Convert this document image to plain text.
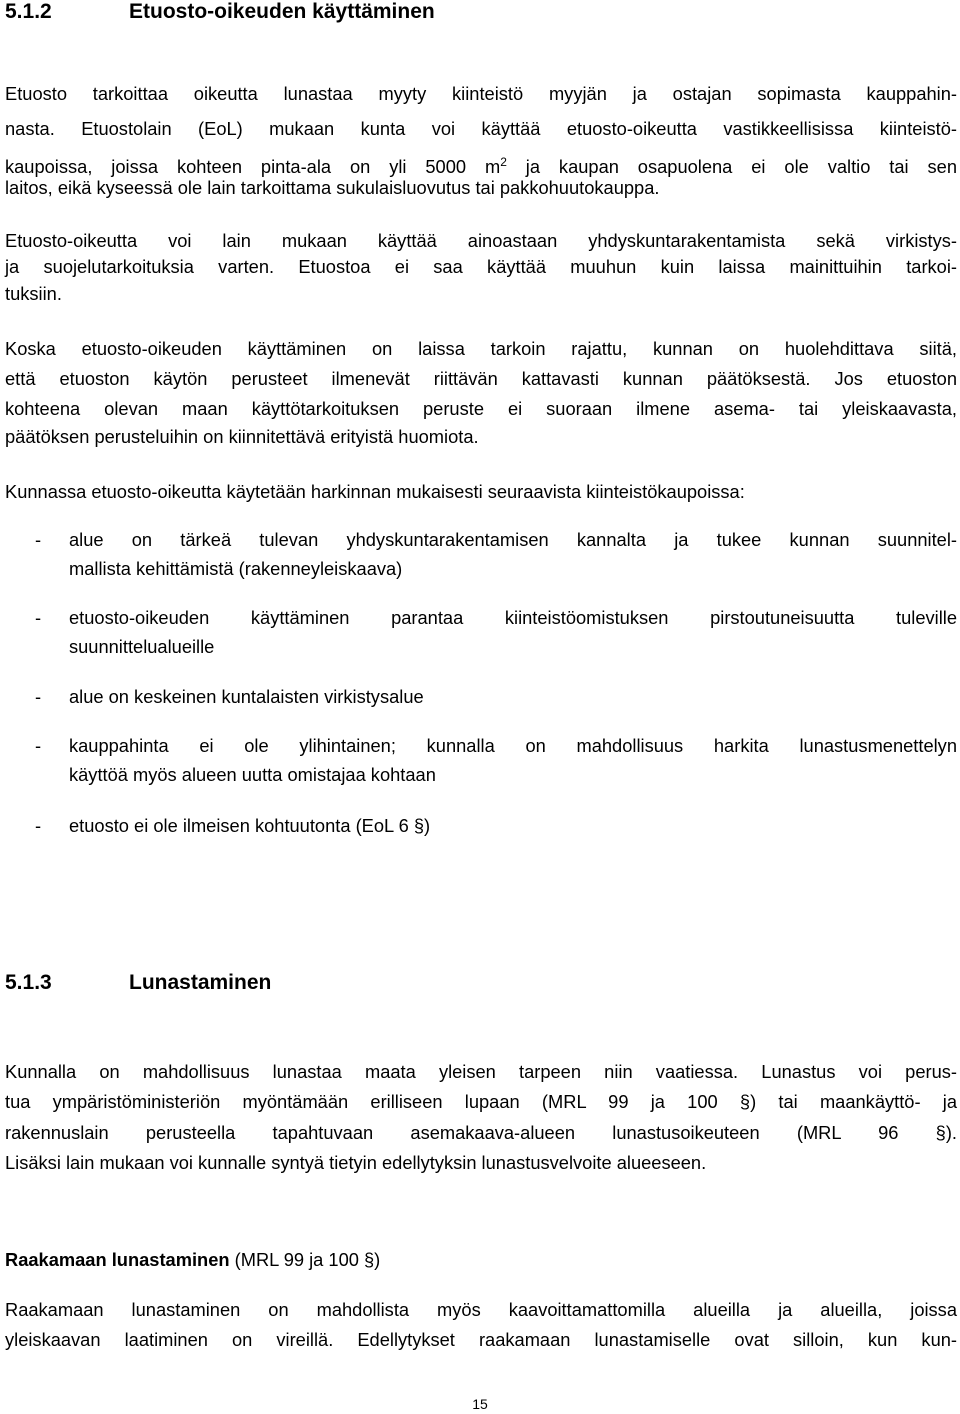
5.1.2	Etuosto-oikeuden käyttäminen
Etuosto tarkoittaa oikeutta lunastaa myyty kiinteistö myyjän ja ostajan sopimasta kauppahin-
nasta. Etuostolain (EoL) mukaan kunta voi käyttää etuosto-oikeutta vastikkeellisissa kiinteistö-
kaupoissa, joissa kohteen pinta-ala on yli 5000 $m^2$ ja kaupan osapuolena ei ole valtio tai sen
laitos, eikä kyseessä ole lain tarkoittama sukulaisluovutus tai pakkohuutokauppa.
Etuosto-oikeutta voi lain mukaan käyttää ainoastaan yhdyskuntarakentamista sekä virkistys-
ja suojelutarkoituksia varten. Etuostoa ei saa käyttää muuhun kuin laissa mainittuihin tarkoi-
tuksiin.
Koska etuosto-oikeuden käyttäminen on laissa tarkoin rajattu, kunnan on huolehdittava siitä,
että etuoston käytön perusteet ilmenevät riittävän kattavasti kunnan päätöksestä. Jos etuoston
kohteena olevan maan käyttötarkoituksen peruste ei suoraan ilmene asema- tai yleiskaavasta,
päätöksen perusteluihin on kiinnitettävä erityistä huomiota.
Kunnassa etuosto-oikeutta käytetään harkinnan mukaisesti seuraavista kiinteistökaupoissa:
- alue on tärkeä tulevan yhdyskuntarakentamisen kannalta ja tukee kunnan suunnitel-
mallista kehittämistä (rakenneyleiskaava)
- etuosto-oikeuden käyttäminen parantaa kiinteistöomistuksen pirstoutuneisuutta tuleville
suunnittelualueille
- alue on keskeinen kuntalaisten virkistysalue
- kauppahinta ei ole ylihintainen; kunnalla on mahdollisuus harkita lunastusmenettelyn
käyttöä myös alueen uutta omistajaa kohtaan
- etuosto ei ole ilmeisen kohtuutonta (EoL 6 §)
5.1.3	Lunastaminen
Kunnalla on mahdollisuus lunastaa maata yleisen tarpeen niin vaatiessa. Lunastus voi perus-
tua ympäristöministeriön myöntämään erilliseen lupaan (MRL 99 ja 100 §) tai maankäyttö- ja
rakennuslain perusteella tapahtuvaan asemakaava-alueen lunastusoikeuteen (MRL 96 §).
Lisäksi lain mukaan voi kunnalle syntyä tietyin edellytyksin lunastusvelvoite alueeseen.
Raakamaan lunastaminen (MRL 99 ja 100 §)
Raakamaan lunastaminen on mahdollista myös kaavoittamattomilla alueilla ja alueilla, joissa
yleiskaavan laatiminen on vireillä. Edellytykset raakamaan lunastamiselle ovat silloin, kun kun-
15
